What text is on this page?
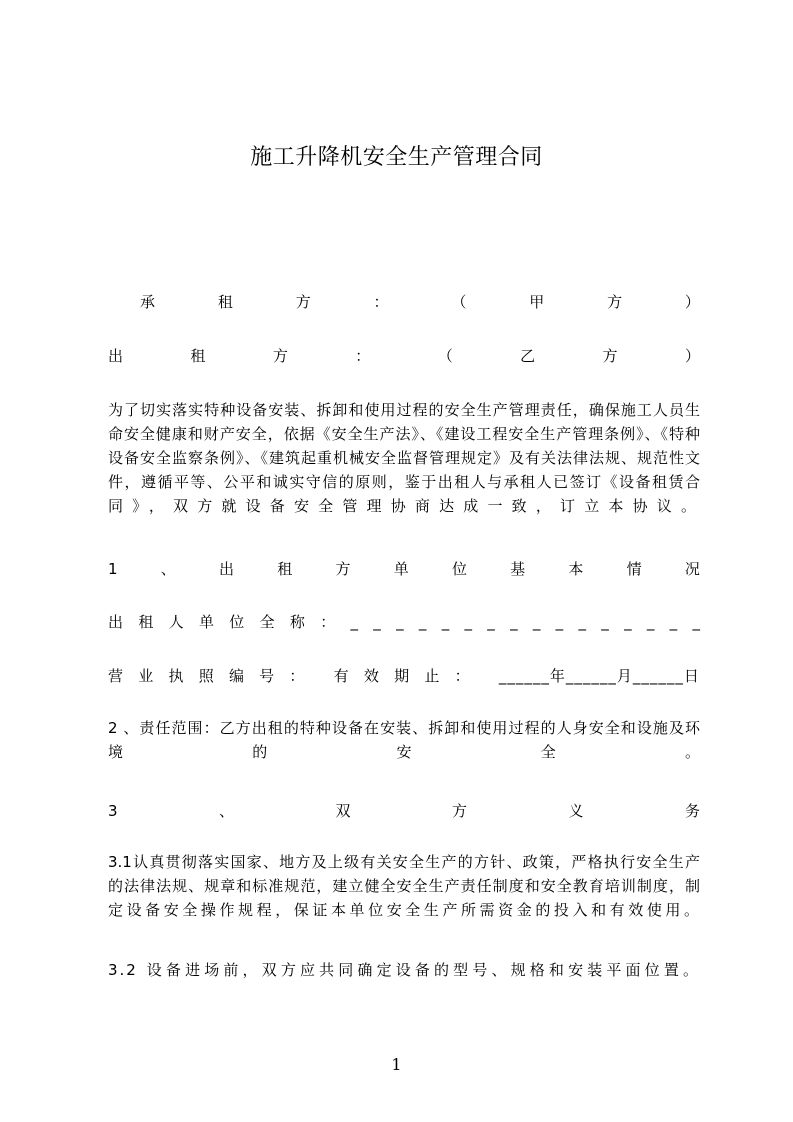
施工升降机安全生产管理合同
承	租	方	：	（	甲	方	）
出	租	方	：	（	乙	方	）
为了切实落实特种设备安装、拆卸和使用过程的安全生产管理责任，确保施工人员生
命安全健康和财产安全，依据《安全生产法》、《建设工程安全生产管理条例》、《特种
设备安全监察条例》、《建筑起重机械安全监督管理规定》及有关法律法规、规范性文
件，遵循平等、公平和诚实守信的原则，鉴于出租人与承租人已签订《设备租赁合
同》，双方就设备安全管理协商达成一致，订立本协议。
1	、	出	租	方	单	位	基	本	情	况
出 租 人 单 位 全 称 ： _ _ _ _ _ _ _ _ _ _ _ _ _ _ _ _
营 业 执 照 编 号 ： 有 效 期 止 ： ______年______月______日
2 、责任范围：乙方出租的特种设备在安装、拆卸和使用过程的人身安全和设施及环
境 的 安 全 。
3	、	双	方	义	务
3.1认真贯彻落实国家、地方及上级有关安全生产的方针、政策，严格执行安全生产
的法律法规、规章和标准规范，建立健全安全生产责任制度和安全教育培训制度，制
定设备安全操作规程，保证本单位安全生产所需资金的投入和有效使用。
3.2 设备进场前，双方应共同确定设备的型号、规格和安装平面位置。
1
